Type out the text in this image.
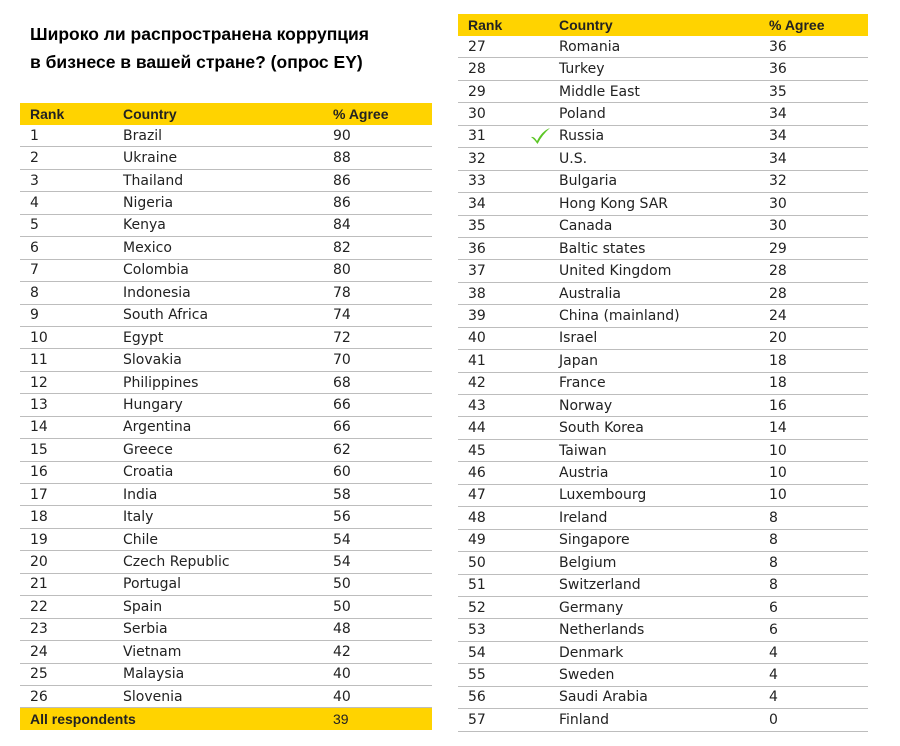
Широко ли распространена коррупция
в бизнесе в вашей стране? (опрос EY)
Rank	Country	% Agree
1	Brazil	90
2	Ukraine	88
3	Thailand	86
4	Nigeria	86
5	Kenya	84
6	Mexico	82
7	Colombia	80
8	Indonesia	78
9	South Africa	74
10	Egypt	72
11	Slovakia	70
12	Philippines	68
13	Hungary	66
14	Argentina	66
15	Greece	62
16	Croatia	60
17	India	58
18	Italy	56
19	Chile	54
20	Czech Republic	54
21	Portugal	50
22	Spain	50
23	Serbia	48
24	Vietnam	42
25	Malaysia	40
26	Slovenia	40
All respondents		39
Rank	Country	% Agree
27	Romania	36
28	Turkey	36
29	Middle East	35
30	Poland	34
31	Russia	34
32	U.S.	34
33	Bulgaria	32
34	Hong Kong SAR	30
35	Canada	30
36	Baltic states	29
37	United Kingdom	28
38	Australia	28
39	China (mainland)	24
40	Israel	20
41	Japan	18
42	France	18
43	Norway	16
44	South Korea	14
45	Taiwan	10
46	Austria	10
47	Luxembourg	10
48	Ireland	8
49	Singapore	8
50	Belgium	8
51	Switzerland	8
52	Germany	6
53	Netherlands	6
54	Denmark	4
55	Sweden	4
56	Saudi Arabia	4
57	Finland	0
